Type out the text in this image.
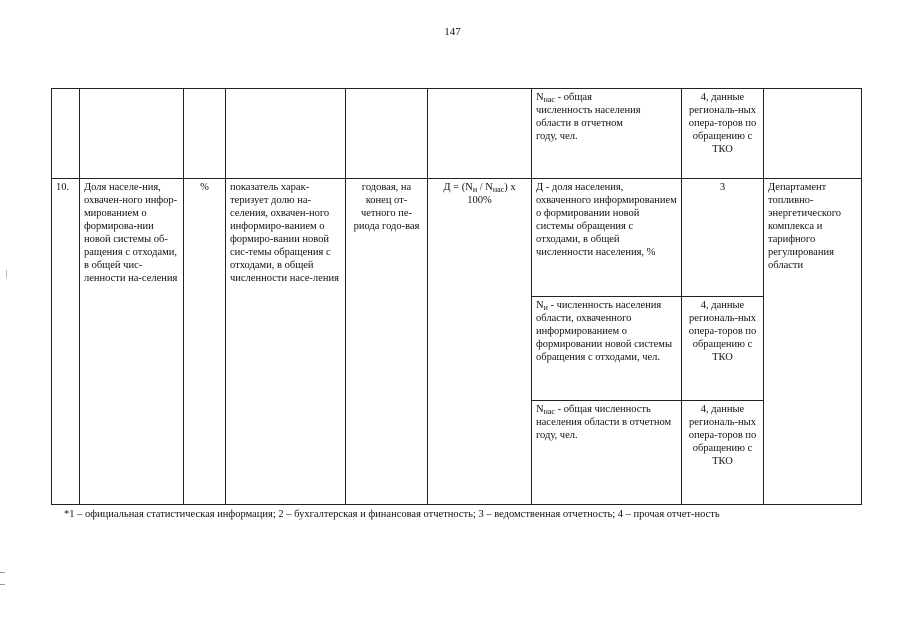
147
						$N_{нас}$ - общая
численность населения
области в отчетном
году, чел.	4, данные региональ-ных опера-торов по обращению с ТКО	
10.	Доля населе-ния, охвачен-ного инфор-мированием о формирова-нии новой системы об-ращения с отходами, в общей чис-ленности на-селения	%	показатель харак-теризует долю на-селения, охвачен-ного информиро-ванием о формиро-вании новой сис-темы обращения с отходами, в общей численности насе-ления	годовая, на конец от-четного пе-риода годо-вая	$Д = (N_и / N_{нас})$ x 100%	Д - доля населения, охваченного информированием о формировании новой системы обращения с отходами, в общей численности населения, %	3	Департамент топливно-энергетического комплекса и тарифного регулирования области
						$N_и$ - численность населения области, охваченного информированием о формировании новой системы обращения с отходами, чел.	4, данные региональ-ных опера-торов по обращению с ТКО	
						$N_{нас}$ - общая численность населения области в отчетном году, чел.	4, данные региональ-ных опера-торов по обращению с ТКО	
*1 – официальная статистическая информация; 2 – бухгалтерская и финансовая отчетность; 3 – ведомственная отчетность; 4 – прочая отчет-ность
